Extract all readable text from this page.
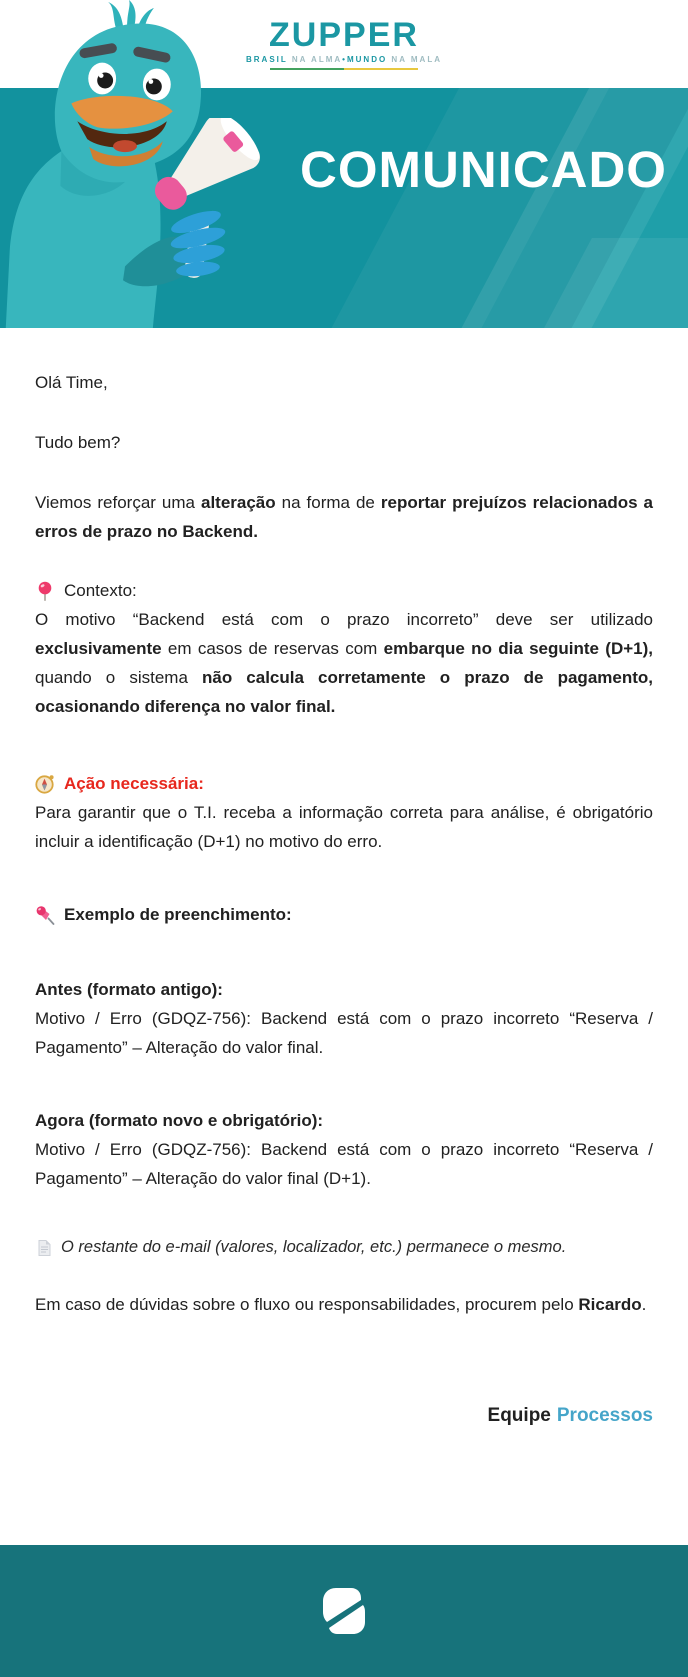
ZUPPER
BRASIL NA ALMA•MUNDO NA MALA
COMUNICADO

Olá Time,

Tudo bem?

Viemos reforçar uma alteração na forma de reportar prejuízos relacionados a erros de prazo no Backend.

Contexto:

O motivo “Backend está com o prazo incorreto” deve ser utilizado exclusivamente em casos de reservas com embarque no dia seguinte (D+1), quando o sistema não calcula corretamente o prazo de pagamento, ocasionando diferença no valor final.

Ação necessária:

Para garantir que o T.I. receba a informação correta para análise, é obrigatório incluir a identificação (D+1) no motivo do erro.

Exemplo de preenchimento:

Antes (formato antigo):

Motivo / Erro (GDQZ-756): Backend está com o prazo incorreto “Reserva / Pagamento” – Alteração do valor final.

Agora (formato novo e obrigatório):

Motivo / Erro (GDQZ-756): Backend está com o prazo incorreto “Reserva / Pagamento” – Alteração do valor final (D+1).

O restante do e-mail (valores, localizador, etc.) permanece o mesmo.

Em caso de dúvidas sobre o fluxo ou responsabilidades, procurem pelo Ricardo.

Equipe Processos
